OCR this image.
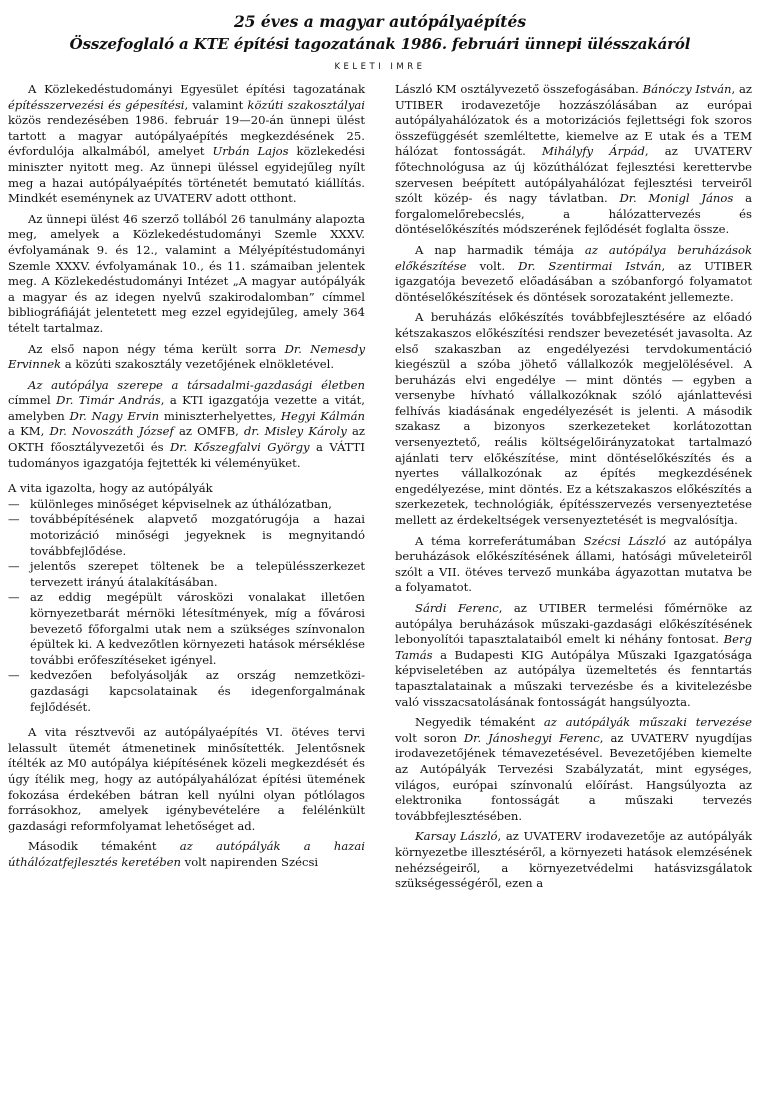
25 éves a magyar autópályaépítés
Összefoglaló a KTE építési tagozatának 1986. februári ünnepi ülésszakáról
KELETI IMRE

A Közlekedéstudományi Egyesület építési tagozatának építésszervezési és gépesítési, valamint közúti szakosztályai közös rendezésében 1986. február 19—20-án ünnepi ülést tartott a magyar autópályaépítés megkezdésének 25. évfordulója alkalmából, amelyet Urbán Lajos közlekedési miniszter nyitott meg. Az ünnepi üléssel egyidejűleg nyílt meg a hazai autópályaépítés történetét bemutató kiállítás. Mindkét eseménynek az UVATERV adott otthont.

Az ünnepi ülést 46 szerző tollából 26 tanulmány alapozta meg, amelyek a Közlekedéstudományi Szemle XXXV. évfolyamának 9. és 12., valamint a Mélyépítéstudományi Szemle XXXV. évfolyamának 10., és 11. számaiban jelentek meg. A Közlekedéstudományi Intézet „A magyar autópályák a magyar és az idegen nyelvű szakirodalomban” címmel bibliográfiáját jelentetett meg ezzel egyidejűleg, amely 364 tételt tartalmaz.

Az első napon négy téma került sorra Dr. Nemesdy Ervinnek a közúti szakosztály vezetőjének elnökletével.

Az autópálya szerepe a társadalmi-gazdasági életben címmel Dr. Timár András, a KTI igazgatója vezette a vitát, amelyben Dr. Nagy Ervin miniszterhelyettes, Hegyi Kálmán a KM, Dr. Novoszáth József az OMFB, dr. Misley Károly az OKTH főosztályvezetői és Dr. Kőszegfalvi György a VÁTTI tudományos igazgatója fejtették ki véleményüket.

A vita igazolta, hogy az autópályák

— különleges minőséget képviselnek az úthálózatban,
— továbbépítésének alapvető mozgatórugója a hazai motorizáció minőségi jegyeknek is megnyitandó továbbfejlődése.
— jelentős szerepet töltenek be a településszerkezet tervezett irányú átalakításában.
— az eddig megépült városközi vonalakat illetően környezetbarát mérnöki létesítmények, míg a fővárosi bevezető főforgalmi utak nem a szükséges színvonalon épültek ki. A kedvezőtlen környezeti hatások mérséklése további erőfeszítéseket igényel.
— kedvezően befolyásolják az ország nemzetközi-gazdasági kapcsolatainak és idegenforgalmának fejlődését.

A vita résztvevői az autópályaépítés VI. ötéves tervi lelassult ütemét átmenetinek minősítették. Jelentősnek ítélték az M0 autópálya kiépítésének közeli megkezdését és úgy ítélik meg, hogy az autópályahálózat építési ütemének fokozása érdekében bátran kell nyúlni olyan pótlólagos forrásokhoz, amelyek igénybevételére a felélénkült gazdasági reformfolyamat lehetőséget ad.

Második témaként az autópályák a hazai úthálózatfejlesztés keretében volt napirenden Szécsi

László KM osztályvezető összefogásában. Bánóczy István, az UTIBER irodavezetője hozzászólásában az európai autópályahálózatok és a motorizációs fejlettségi fok szoros összefüggését szemléltette, kiemelve az E utak és a TEM hálózat fontosságát. Mihályfy Árpád, az UVATERV főtechnológusa az új közúthálózat fejlesztési kerettervbe szervesen beépített autópályahálózat fejlesztési terveiről szólt közép- és nagy távlatban. Dr. Monigl János a forgalomelőrebecslés, a hálózattervezés és döntéselőkészítés módszerének fejlődését foglalta össze.

A nap harmadik témája az autópálya beruházások előkészítése volt. Dr. Szentirmai István, az UTIBER igazgatója bevezető előadásában a szóbanforgó folyamatot döntéselőkészítések és döntések sorozataként jellemezte.

A beruházás előkészítés továbbfejlesztésére az előadó kétszakaszos előkészítési rendszer bevezetését javasolta. Az első szakaszban az engedélyezési tervdokumentáció kiegészül a szóba jöhető vállalkozók megjelölésével. A beruházás elvi engedélye — mint döntés — egyben a versenybe hívható vállalkozóknak szóló ajánlattevési felhívás kiadásának engedélyezését is jelenti. A második szakasz a bizonyos szerkezeteket korlátozottan versenyeztető, reális költségelőirányzatokat tartalmazó ajánlati terv előkészítése, mint döntéselőkészítés és a nyertes vállalkozónak az építés megkezdésének engedélyezése, mint döntés. Ez a kétszakaszos előkészítés a szerkezetek, technológiák, építésszervezés versenyeztetése mellett az érdekeltségek versenyeztetését is megvalósítja.

A téma korreferátumában Szécsi László az autópálya beruházások előkészítésének állami, hatósági műveleteiről szólt a VII. ötéves tervező munkába ágyazottan mutatva be a folyamatot.

Sárdi Ferenc, az UTIBER termelési főmérnöke az autópálya beruházások műszaki-gazdasági előkészítésének lebonyolítói tapasztalataiból emelt ki néhány fontosat. Berg Tamás a Budapesti KIG Autópálya Műszaki Igazgatósága képviseletében az autópálya üzemeltetés és fenntartás tapasztalatainak a műszaki tervezésbe és a kivitelezésbe való visszacsatolásának fontosságát hangsúlyozta.

Negyedik témaként az autópályák műszaki tervezése volt soron Dr. Jánoshegyi Ferenc, az UVATERV nyugdíjas irodavezetőjének témavezetésével. Bevezetőjében kiemelte az Autópályák Tervezési Szabályzatát, mint egységes, világos, európai színvonalú előírást. Hangsúlyozta az elektronika fontosságát a műszaki tervezés továbbfejlesztésében.

Karsay László, az UVATERV irodavezetője az autópályák környezetbe illesztéséről, a környezeti hatások elemzésének nehézségeiről, a környezetvédelmi hatásvizsgálatok szükségességéről, ezen a
